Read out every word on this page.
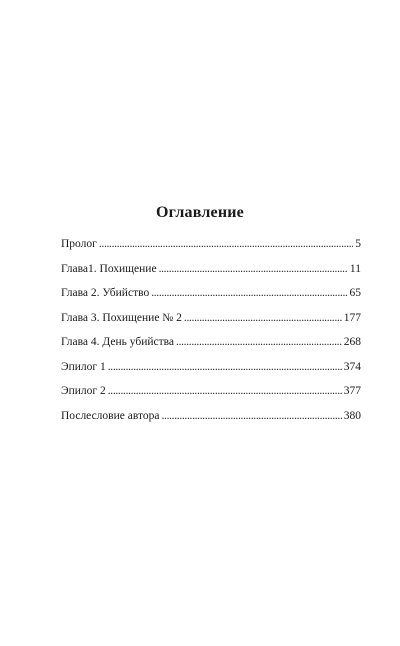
Оглавление
Пролог . . .	5
Глава1. Похищение . . .	11
Глава 2. Убийство . . .	65
Глава 3. Похищение № 2 . . .	177
Глава 4. День убийства . . .	268
Эпилог 1 . . .	374
Эпилог 2 . . .	377
Послесловие автора . . .	380
